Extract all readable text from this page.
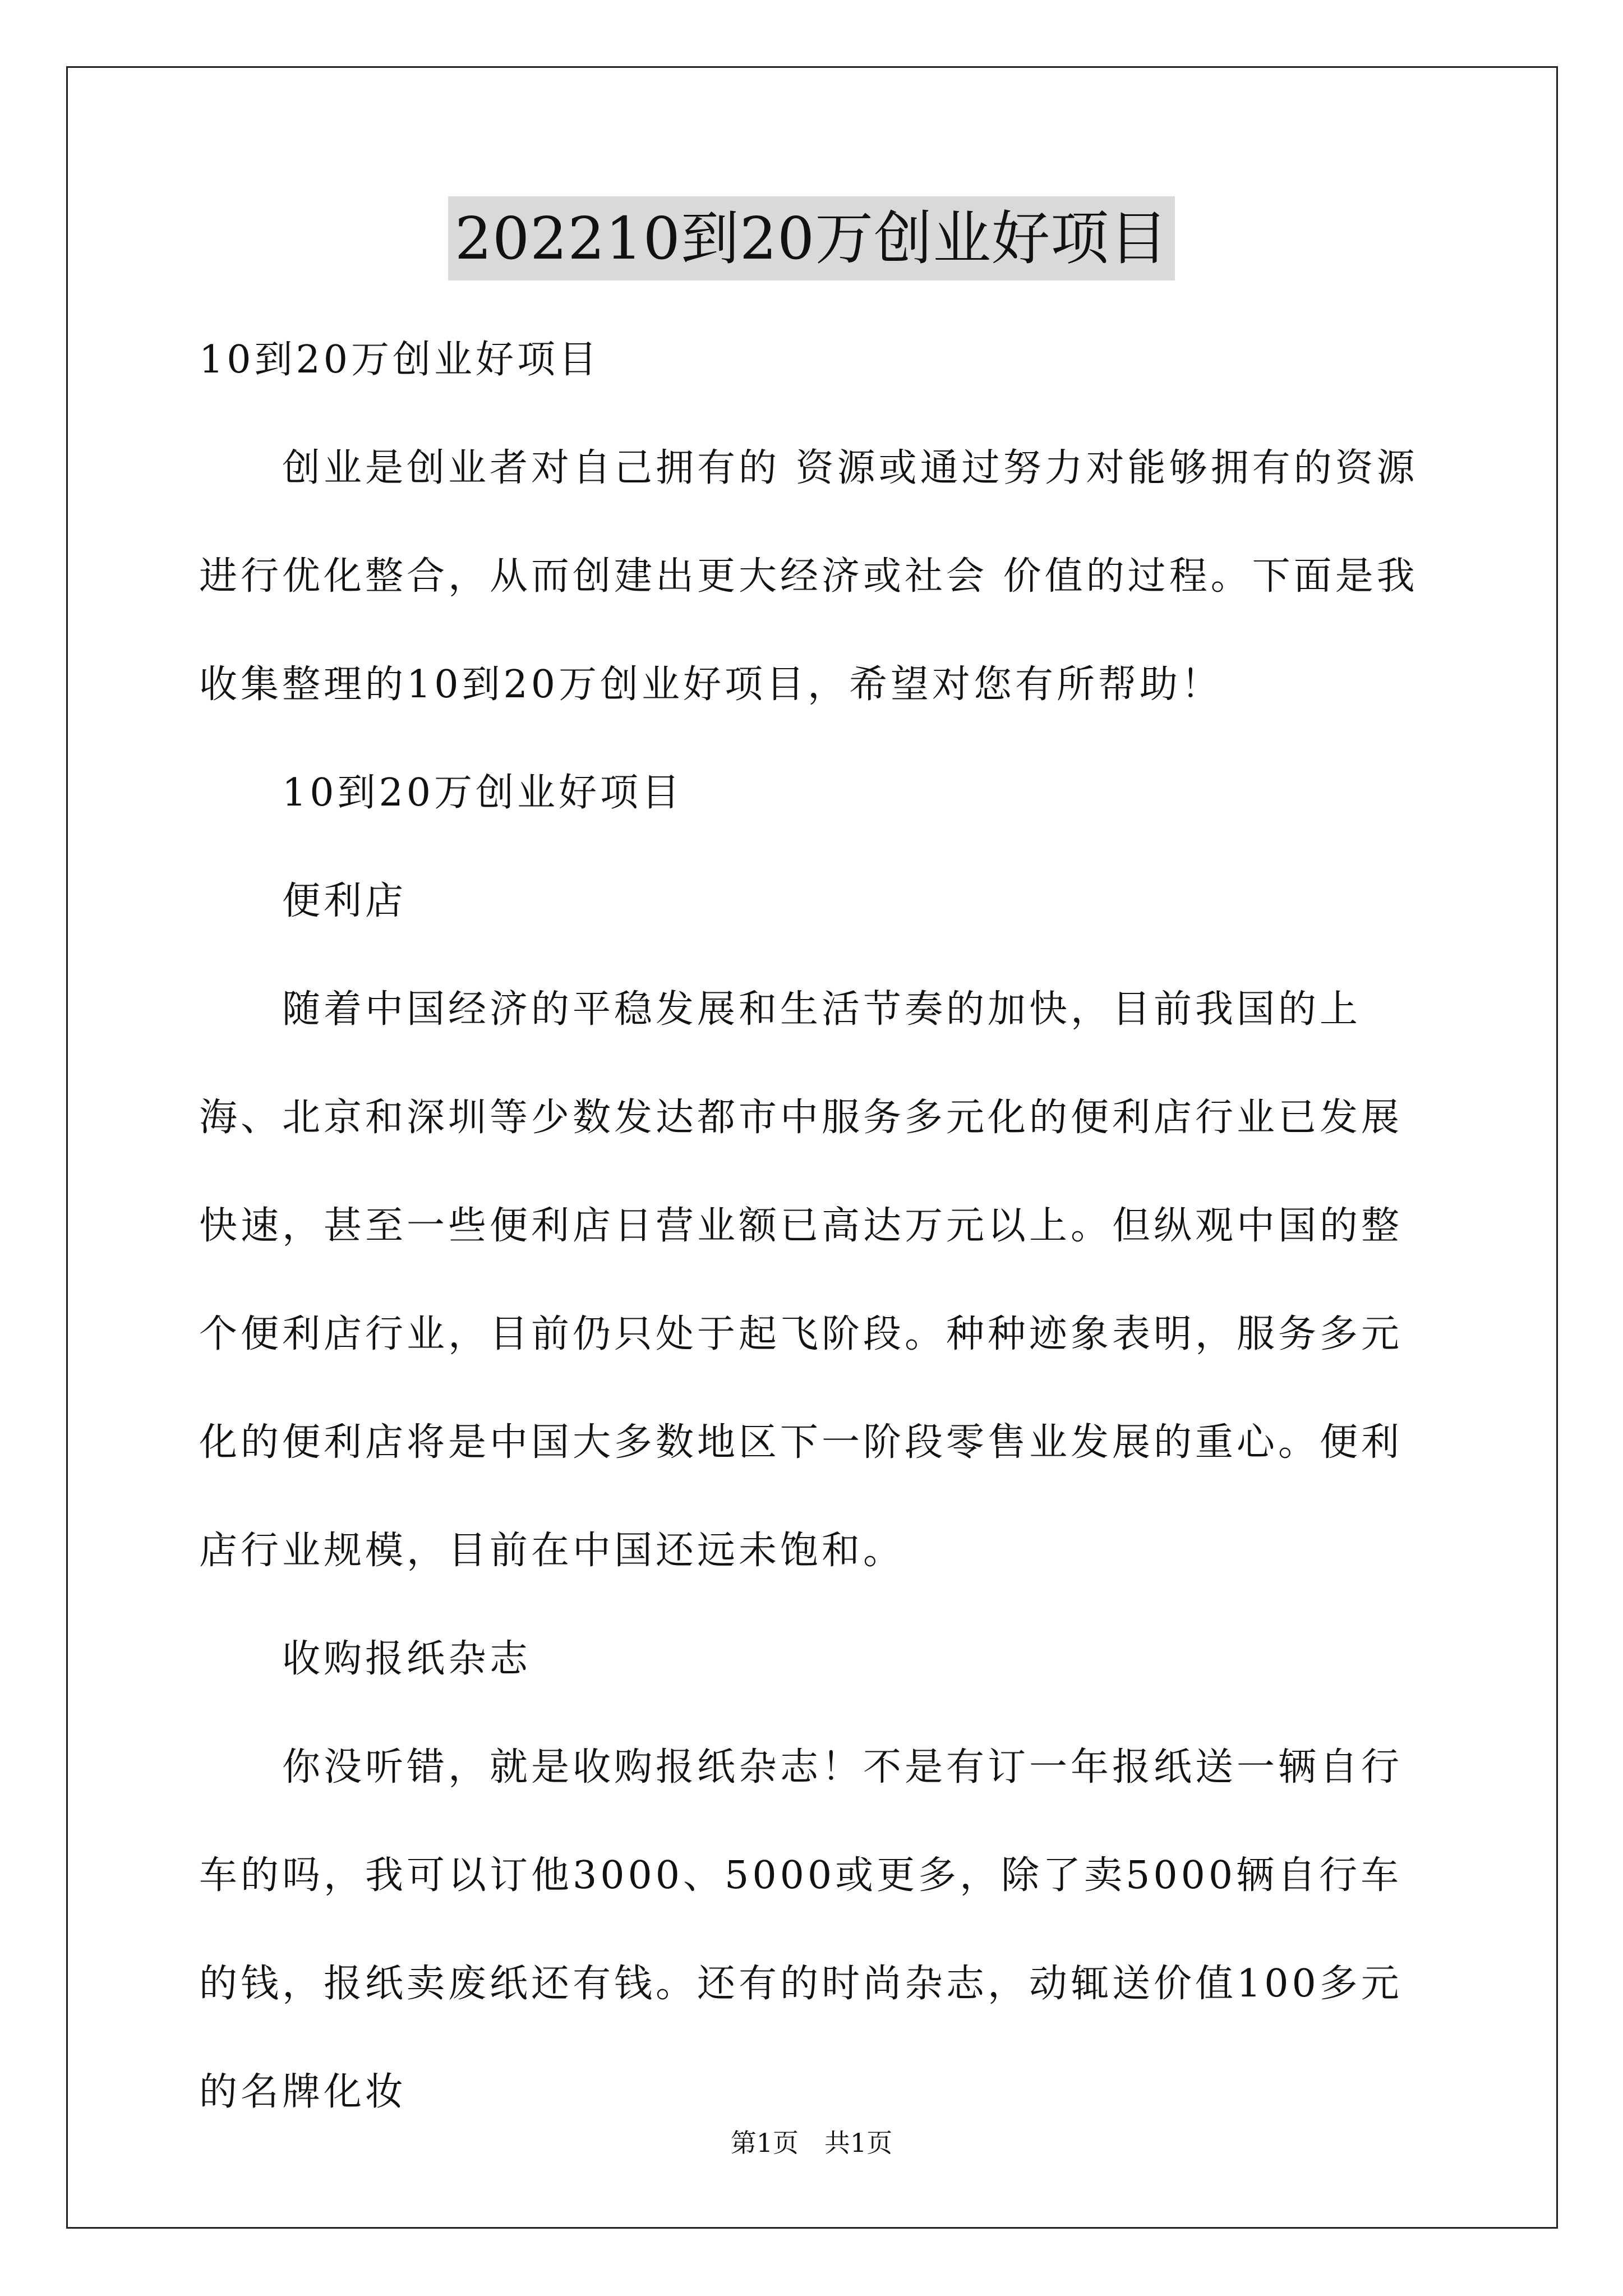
202210到20万创业好项目

10到20万创业好项目

创业是创业者对自己拥有的 资源或通过努力对能够拥有的资源进行优化整合，从而创建出更大经济或社会 价值的过程。下面是我收集整理的10到20万创业好项目，希望对您有所帮助！

10到20万创业好项目

便利店

随着中国经济的平稳发展和生活节奏的加快，目前我国的上海、北京和深圳等少数发达都市中服务多元化的便利店行业已发展快速，甚至一些便利店日营业额已高达万元以上。但纵观中国的整个便利店行业，目前仍只处于起飞阶段。种种迹象表明，服务多元化的便利店将是中国大多数地区下一阶段零售业发展的重心。便利店行业规模，目前在中国还远未饱和。

收购报纸杂志

你没听错，就是收购报纸杂志！不是有订一年报纸送一辆自行车的吗，我可以订他3000、5000或更多，除了卖5000辆自行车的钱，报纸卖废纸还有钱。还有的时尚杂志，动辄送价值100多元的名牌化妆

第1页　共1页
